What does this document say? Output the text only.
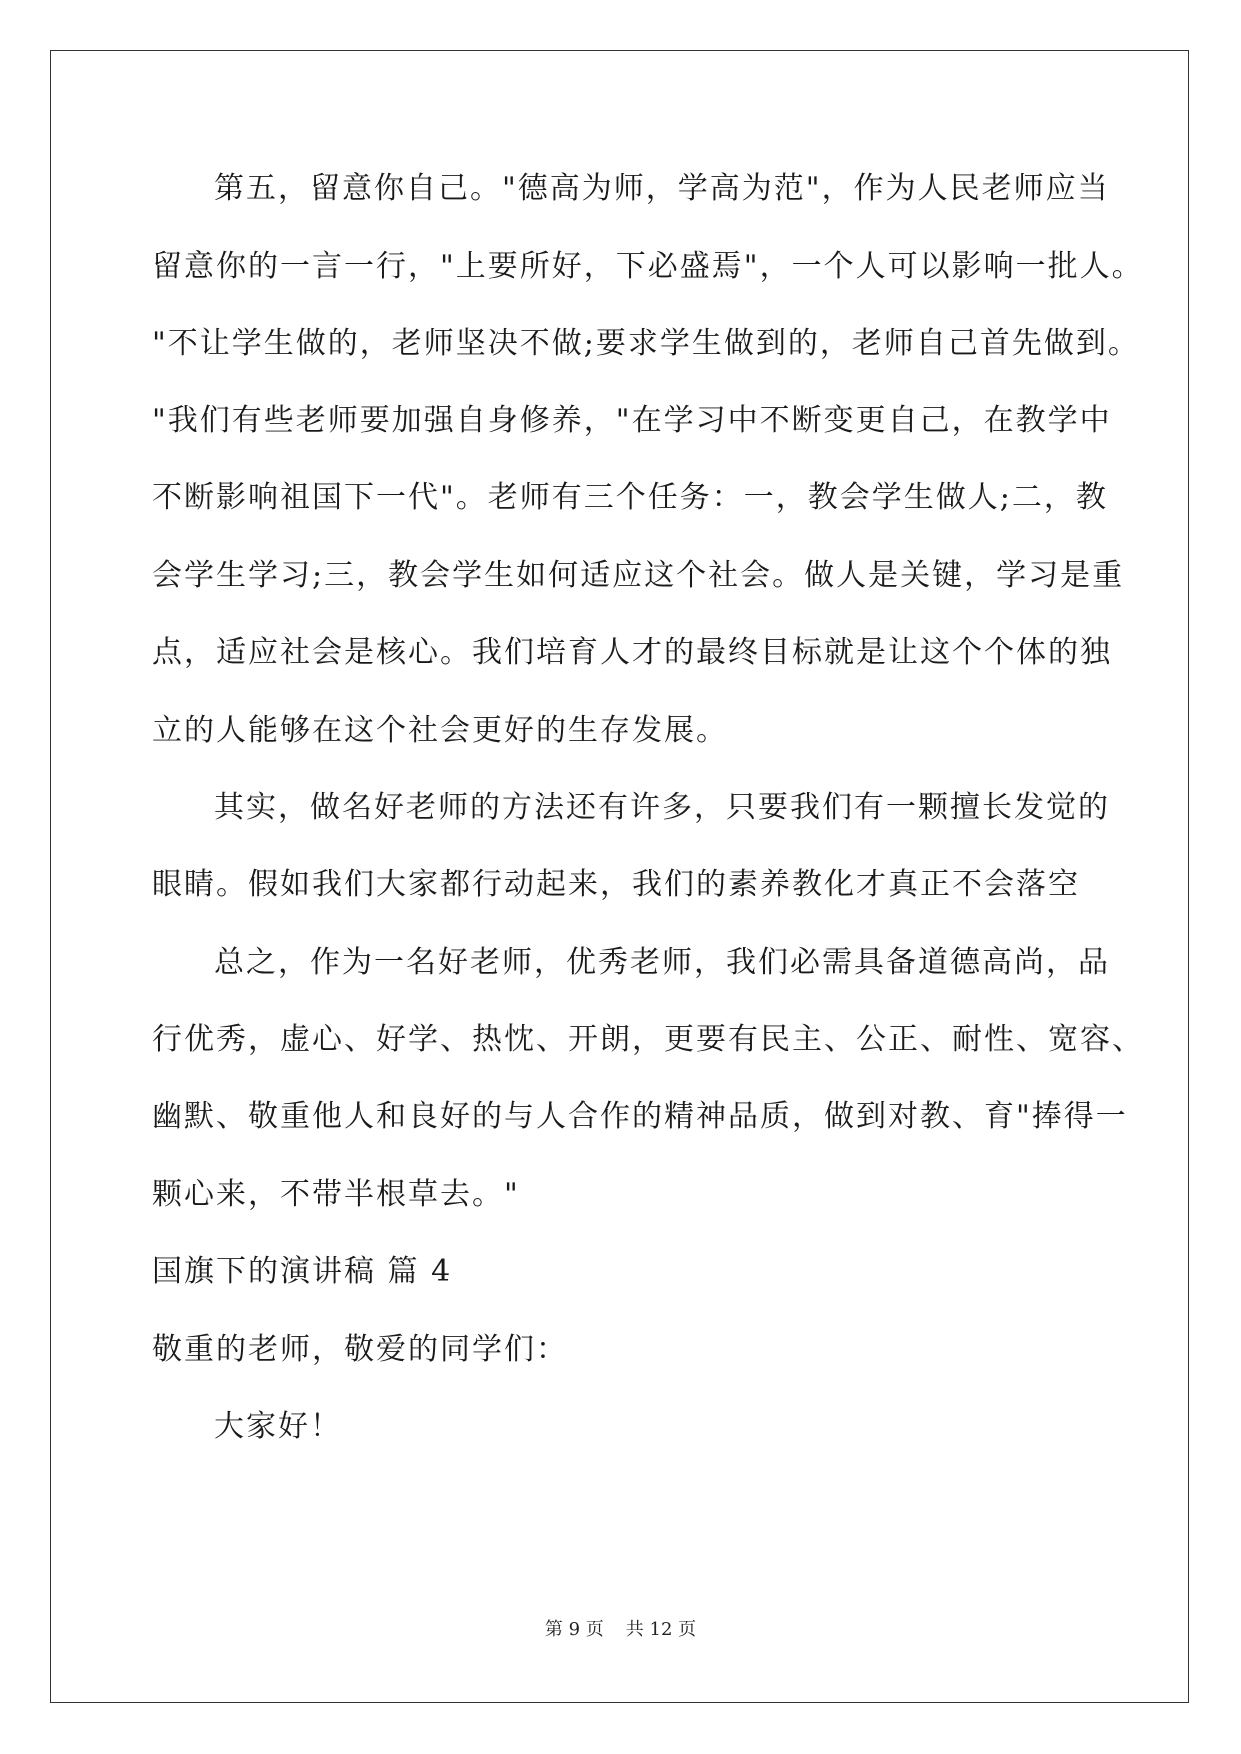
第五，留意你自己。"德高为师，学高为范"，作为人民老师应当
留意你的一言一行，"上要所好，下必盛焉"，一个人可以影响一批人。
"不让学生做的，老师坚决不做;要求学生做到的，老师自己首先做到。
"我们有些老师要加强自身修养，"在学习中不断变更自己，在教学中
不断影响祖国下一代"。老师有三个任务：一，教会学生做人;二，教
会学生学习;三，教会学生如何适应这个社会。做人是关键，学习是重
点，适应社会是核心。我们培育人才的最终目标就是让这个个体的独
立的人能够在这个社会更好的生存发展。
其实，做名好老师的方法还有许多，只要我们有一颗擅长发觉的
眼睛。假如我们大家都行动起来，我们的素养教化才真正不会落空
总之，作为一名好老师，优秀老师，我们必需具备道德高尚，品
行优秀，虚心、好学、热忱、开朗，更要有民主、公正、耐性、宽容、
幽默、敬重他人和良好的与人合作的精神品质，做到对教、育"捧得一
颗心来，不带半根草去。"
国旗下的演讲稿 篇 4
敬重的老师，敬爱的同学们：
大家好！
第 9 页 共 12 页
